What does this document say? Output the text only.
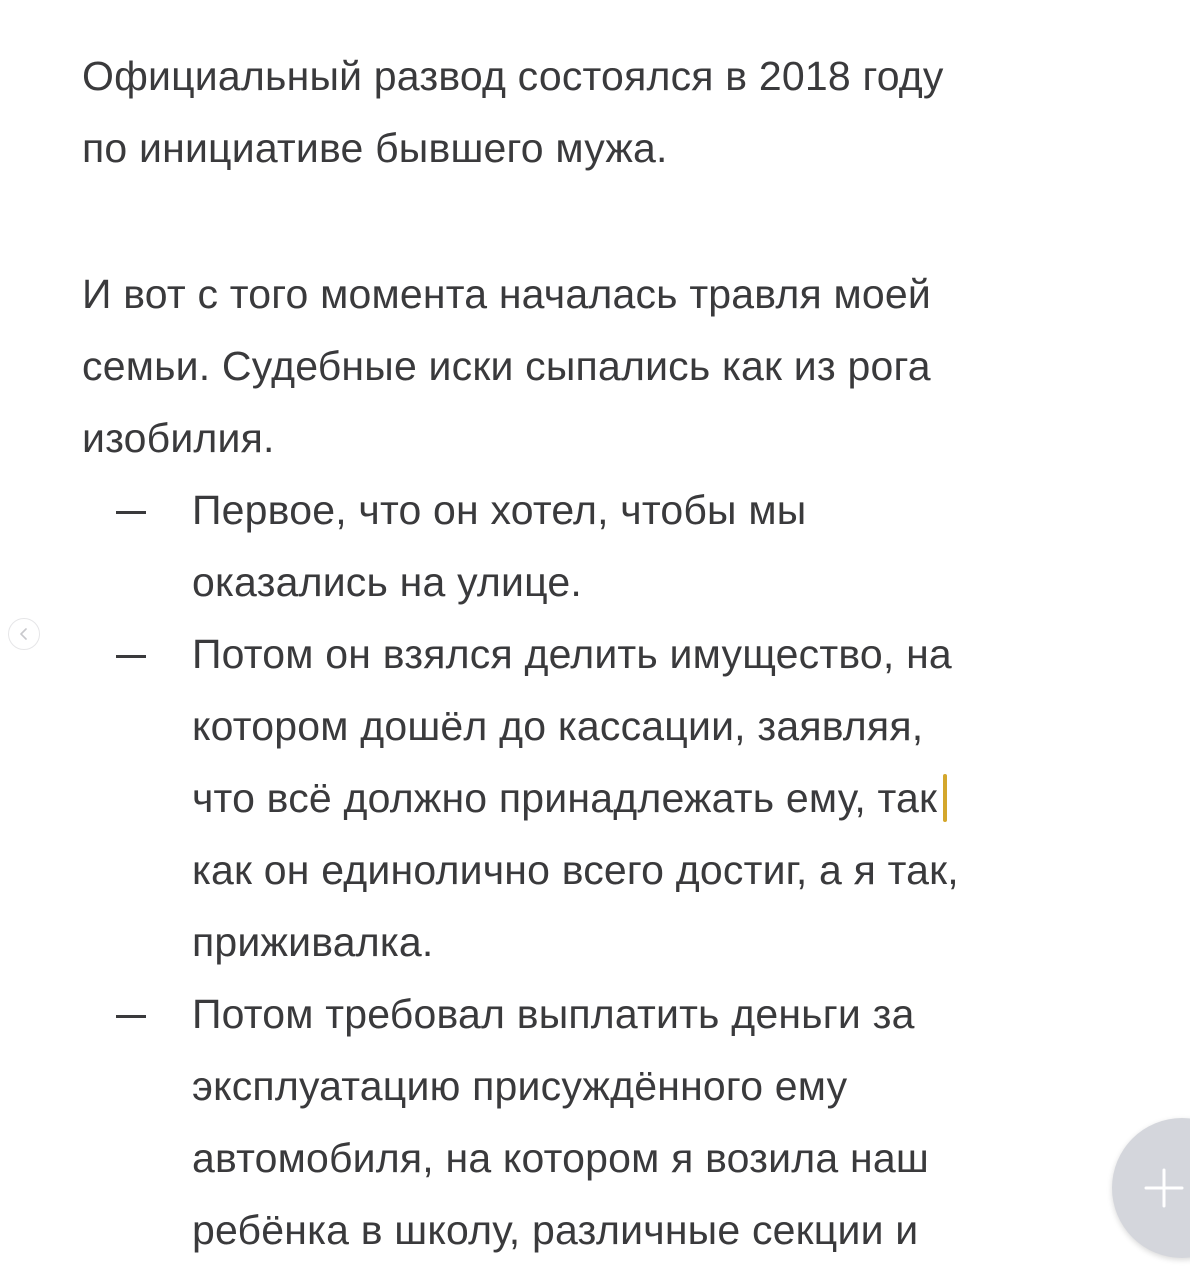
Официальный развод состоялся в 2018 году
по инициативе бывшего мужа.

И вот с того момента началась травля моей
семьи. Судебные иски сыпались как из рога
изобилия.

Первое, что он хотел, чтобы мы
оказались на улице.
Потом он взялся делить имущество, на
котором дошёл до кассации, заявляя,
что всё должно принадлежать ему, так
как он единолично всего достиг, а я так,
приживалка.
Потом требовал выплатить деньги за
эксплуатацию присуждённого ему
автомобиля, на котором я возила наш
ребёнка в школу, различные секции и
